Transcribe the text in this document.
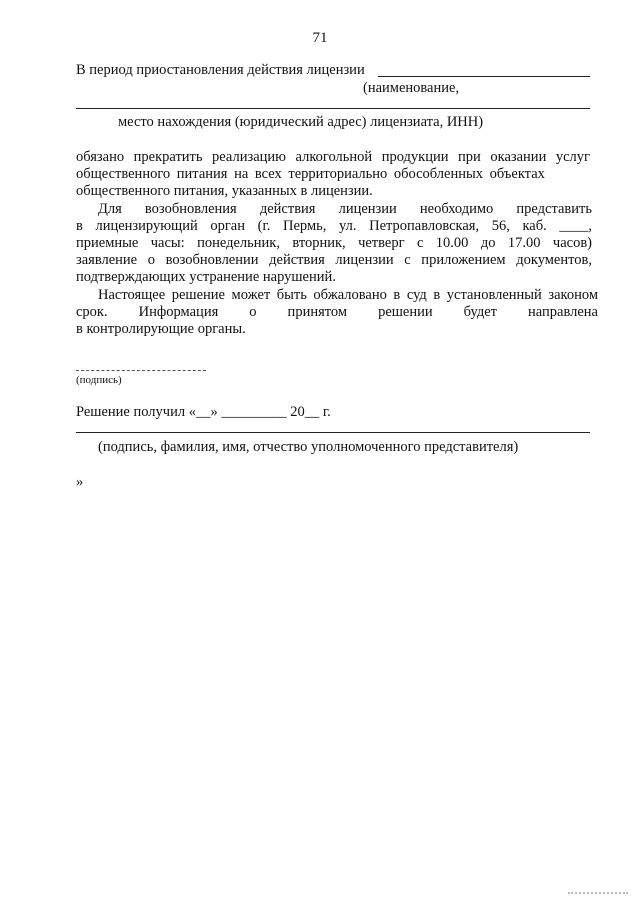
71
В период приостановления действия лицензии
(наименование,
место нахождения (юридический адрес) лицензиата, ИНН)
обязано прекратить реализацию алкогольной продукции при оказании услуг
общественного питания на всех территориально обособленных объектах
общественного питания, указанных в лицензии.
Для возобновления действия лицензии необходимо представить
в лицензирующий орган (г. Пермь, ул. Петропавловская, 56, каб. ____,
приемные часы: понедельник, вторник, четверг с 10.00 до 17.00 часов)
заявление о возобновлении действия лицензии с приложением документов,
подтверждающих устранение нарушений.
Настоящее решение может быть обжаловано в суд в установленный законом
срок. Информация о принятом решении будет направлена
в контролирующие органы.
(подпись)
Решение получил «__» _________ 20__ г.
(подпись, фамилия, имя, отчество уполномоченного представителя)
»
